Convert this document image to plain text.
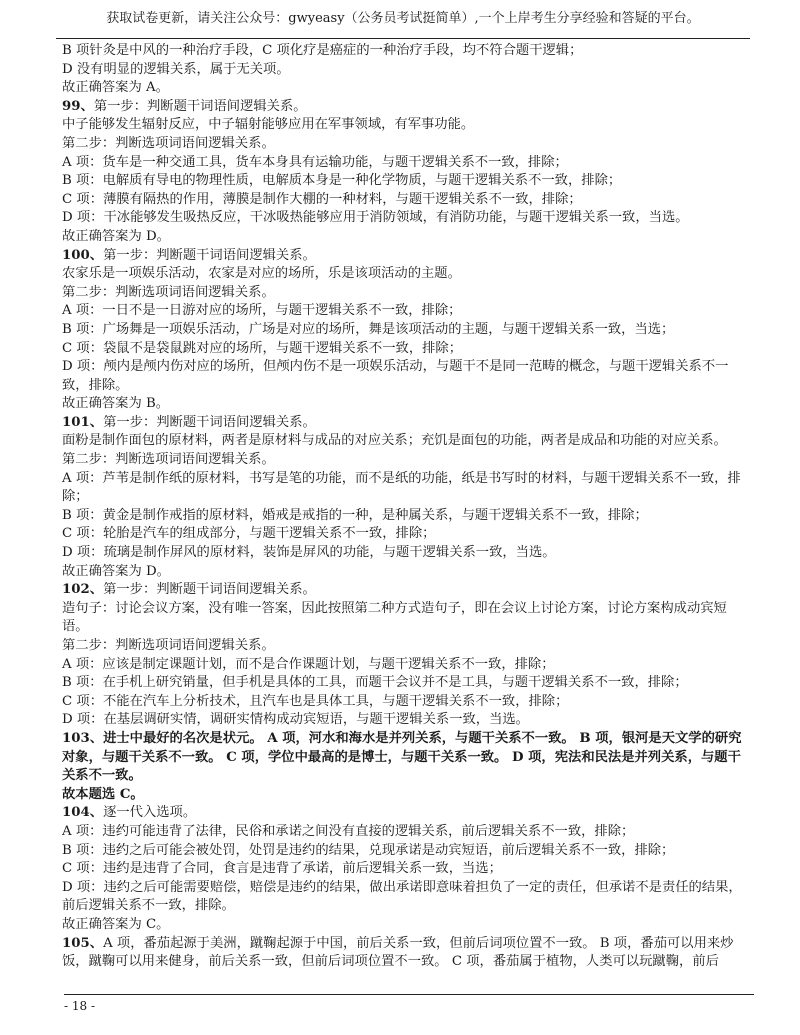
获取试卷更新，请关注公众号：gwyeasy（公务员考试挺简单）,一个上岸考生分享经验和答疑的平台。

B 项针灸是中风的一种治疗手段，C 项化疗是癌症的一种治疗手段，均不符合题干逻辑；

D 没有明显的逻辑关系，属于无关项。

故正确答案为 A。

99、第一步：判断题干词语间逻辑关系。

中子能够发生辐射反应，中子辐射能够应用在军事领域，有军事功能。

第二步：判断选项词语间逻辑关系。

A 项：货车是一种交通工具，货车本身具有运输功能，与题干逻辑关系不一致，排除；

B 项：电解质有导电的物理性质，电解质本身是一种化学物质，与题干逻辑关系不一致，排除；

C 项：薄膜有隔热的作用，薄膜是制作大棚的一种材料，与题干逻辑关系不一致，排除；

D 项：干冰能够发生吸热反应，干冰吸热能够应用于消防领域，有消防功能，与题干逻辑关系一致，当选。

故正确答案为 D。

100、第一步：判断题干词语间逻辑关系。

农家乐是一项娱乐活动，农家是对应的场所，乐是该项活动的主题。

第二步：判断选项词语间逻辑关系。

A 项：一日不是一日游对应的场所，与题干逻辑关系不一致，排除；

B 项：广场舞是一项娱乐活动，广场是对应的场所，舞是该项活动的主题，与题干逻辑关系一致，当选；

C 项：袋鼠不是袋鼠跳对应的场所，与题干逻辑关系不一致，排除；

D 项：颅内是颅内伤对应的场所，但颅内伤不是一项娱乐活动，与题干不是同一范畴的概念，与题干逻辑关系不一致，排除。

故正确答案为 B。

101、第一步：判断题干词语间逻辑关系。

面粉是制作面包的原材料，两者是原材料与成品的对应关系；充饥是面包的功能，两者是成品和功能的对应关系。

第二步：判断选项词语间逻辑关系。

A 项：芦苇是制作纸的原材料，书写是笔的功能，而不是纸的功能，纸是书写时的材料，与题干逻辑关系不一致，排除；

B 项：黄金是制作戒指的原材料，婚戒是戒指的一种，是种属关系，与题干逻辑关系不一致，排除；

C 项：轮胎是汽车的组成部分，与题干逻辑关系不一致，排除；

D 项：琉璃是制作屏风的原材料，装饰是屏风的功能，与题干逻辑关系一致，当选。

故正确答案为 D。

102、第一步：判断题干词语间逻辑关系。

造句子：讨论会议方案，没有唯一答案，因此按照第二种方式造句子，即在会议上讨论方案，讨论方案构成动宾短语。

第二步：判断选项词语间逻辑关系。

A 项：应该是制定课题计划，而不是合作课题计划，与题干逻辑关系不一致，排除；

B 项：在手机上研究销量，但手机是具体的工具，而题干会议并不是工具，与题干逻辑关系不一致，排除；

C 项：不能在汽车上分析技术，且汽车也是具体工具，与题干逻辑关系不一致，排除；

D 项：在基层调研实情，调研实情构成动宾短语，与题干逻辑关系一致，当选。

103、进士中最好的名次是状元。 A 项，河水和海水是并列关系，与题干关系不一致。 B 项，银河是天文学的研究对象，与题干关系不一致。 C 项，学位中最高的是博士，与题干关系一致。 D 项，宪法和民法是并列关系，与题干关系不一致。

故本题选 C。

104、逐一代入选项。

A 项：违约可能违背了法律，民俗和承诺之间没有直接的逻辑关系，前后逻辑关系不一致，排除；

B 项：违约之后可能会被处罚，处罚是违约的结果，兑现承诺是动宾短语，前后逻辑关系不一致，排除；

C 项：违约是违背了合同，食言是违背了承诺，前后逻辑关系一致，当选；

D 项：违约之后可能需要赔偿，赔偿是违约的结果，做出承诺即意味着担负了一定的责任，但承诺不是责任的结果，前后逻辑关系不一致，排除。

故正确答案为 C。

105、A 项，番茄起源于美洲，蹴鞠起源于中国，前后关系一致，但前后词项位置不一致。 B 项，番茄可以用来炒饭，蹴鞠可以用来健身，前后关系一致，但前后词项位置不一致。 C 项，番茄属于植物，人类可以玩蹴鞠，前后

- 18 -
